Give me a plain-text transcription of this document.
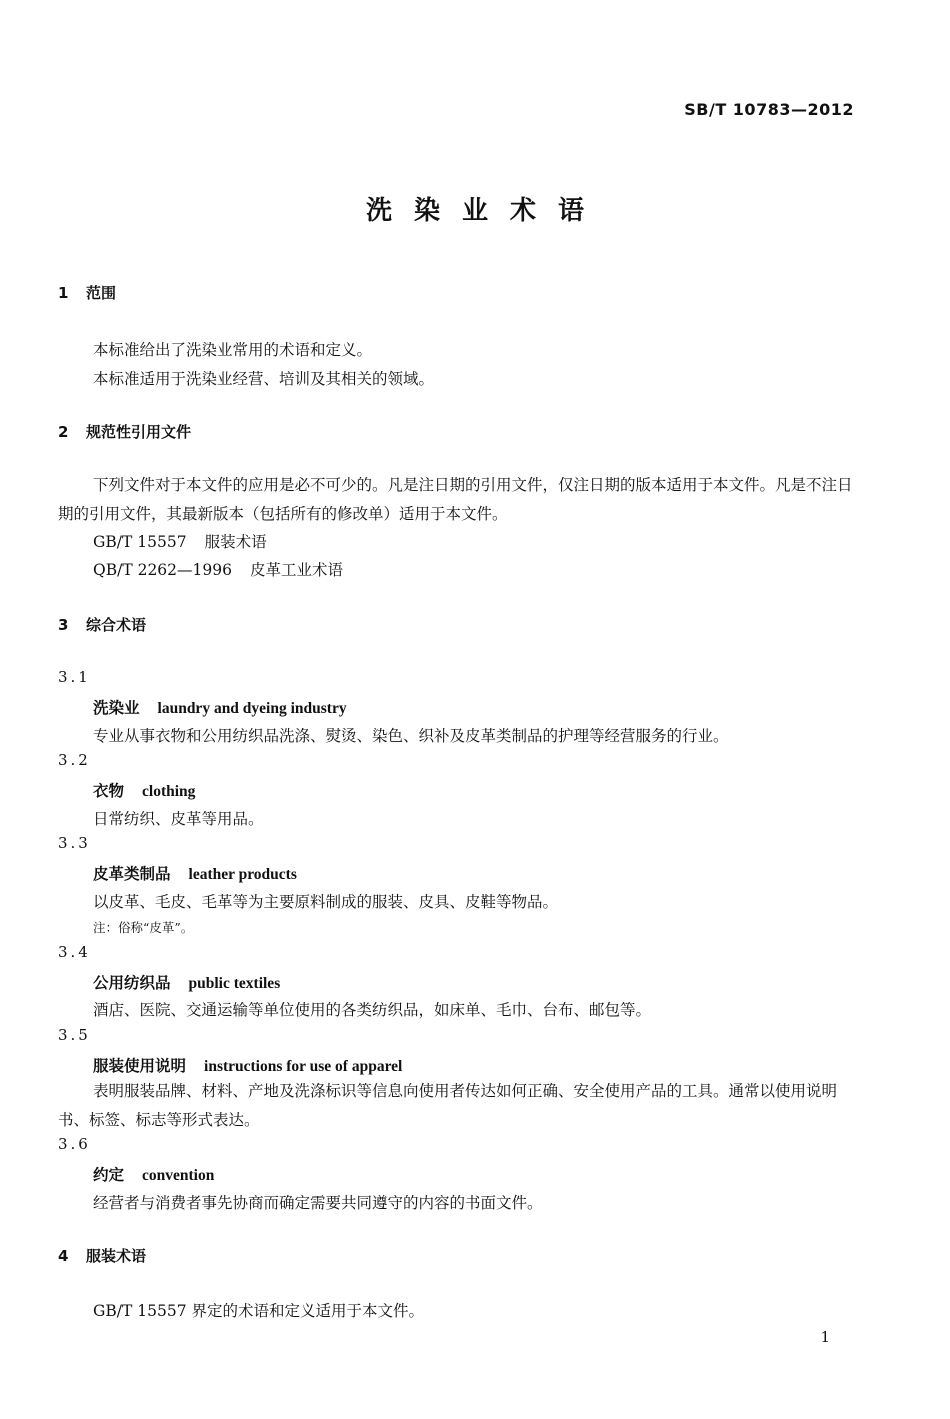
SB/T 10783—2012
洗染业术语
1 范围
本标准给出了洗染业常用的术语和定义。
本标准适用于洗染业经营、培训及其相关的领域。
2 规范性引用文件
下列文件对于本文件的应用是必不可少的。凡是注日期的引用文件，仅注日期的版本适用于本文件。凡是不注日期的引用文件，其最新版本（包括所有的修改单）适用于本文件。
GB/T 15557 服装术语
QB/T 2262—1996 皮革工业术语
3 综合术语
3.1
洗染业 laundry and dyeing industry
专业从事衣物和公用纺织品洗涤、熨烫、染色、织补及皮革类制品的护理等经营服务的行业。
3.2
衣物 clothing
日常纺织、皮革等用品。
3.3
皮革类制品 leather products
以皮革、毛皮、毛革等为主要原料制成的服装、皮具、皮鞋等物品。
注：俗称“皮革”。
3.4
公用纺织品 public textiles
酒店、医院、交通运输等单位使用的各类纺织品，如床单、毛巾、台布、邮包等。
3.5
服装使用说明 instructions for use of apparel
表明服装品牌、材料、产地及洗涤标识等信息向使用者传达如何正确、安全使用产品的工具。通常以使用说明书、标签、标志等形式表达。
3.6
约定 convention
经营者与消费者事先协商而确定需要共同遵守的内容的书面文件。
4 服装术语
GB/T 15557 界定的术语和定义适用于本文件。
1
